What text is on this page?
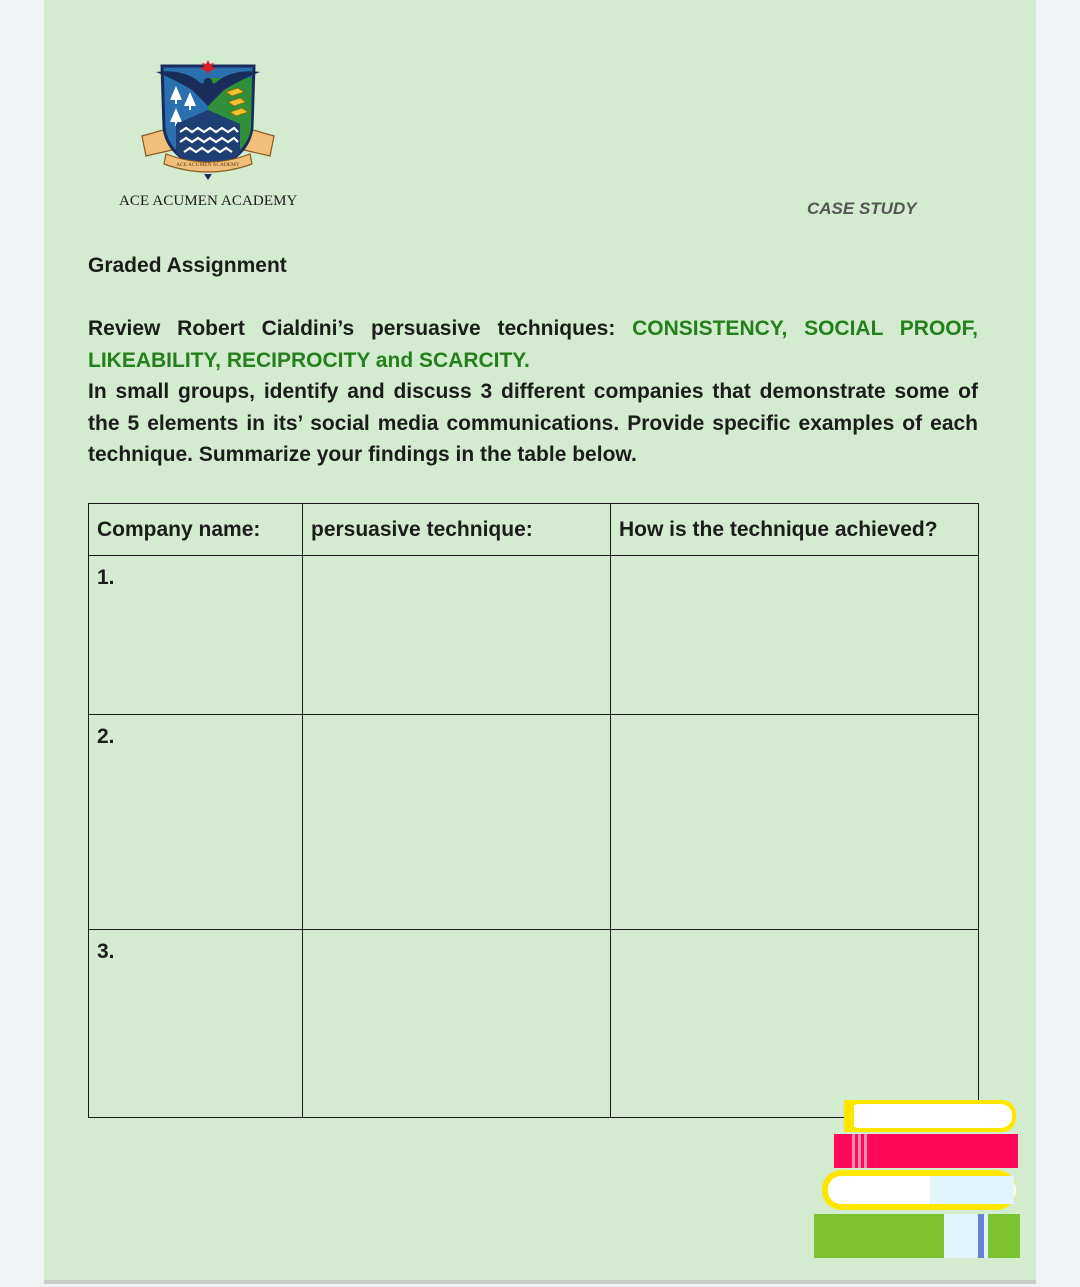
ACE ACUMEN ACADEMY
ACE ACUMEN ACADEMY	CASE STUDY
Graded Assignment

Review Robert Cialdini’s persuasive techniques: CONSISTENCY, SOCIAL PROOF, LIKEABILITY, RECIPROCITY and SCARCITY.

In small groups, identify and discuss 3 different companies that demonstrate some of the 5 elements in its’ social media communications. Provide specific examples of each technique. Summarize your findings in the table below.

Company name:	persuasive technique:	How is the technique achieved?
1.		
2.		
3.		
